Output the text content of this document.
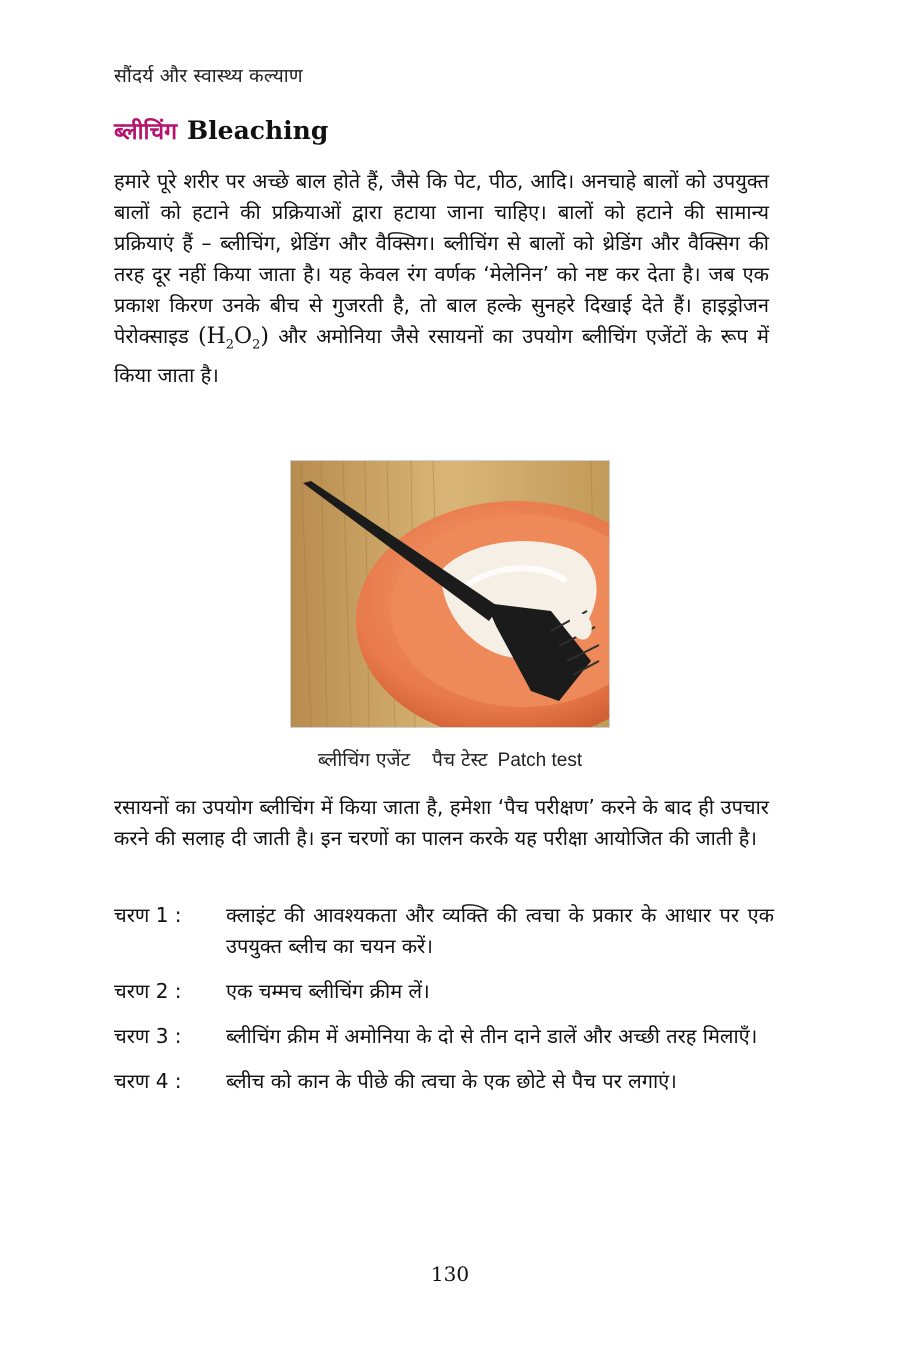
सौंदर्य और स्वास्थ्य कल्याण
ब्लीचिंग Bleaching
हमारे पूरे शरीर पर अच्छे बाल होते हैं, जैसे कि पेट, पीठ, आदि। अनचाहे बालों को उपयुक्त बालों को हटाने की प्रक्रियाओं द्वारा हटाया जाना चाहिए। बालों को हटाने की सामान्य प्रक्रियाएं हैं – ब्लीचिंग, थ्रेडिंग और वैक्सिग। ब्लीचिंग से बालों को थ्रेडिंग और वैक्सिग की तरह दूर नहीं किया जाता है। यह केवल रंग वर्णक ‘मेलेनिन’ को नष्ट कर देता है। जब एक प्रकाश किरण उनके बीच से गुजरती है, तो बाल हल्के सुनहरे दिखाई देते हैं। हाइड्रोजन पेरोक्साइड $(H_2O_2)$ और अमोनिया जैसे रसायनों का उपयोग ब्लीचिंग एजेंटों के रूप में किया जाता है।
ब्लीचिंग एजेंट पैच टेस्ट Patch test
रसायनों का उपयोग ब्लीचिंग में किया जाता है, हमेशा ‘पैच परीक्षण’ करने के बाद ही उपचार करने की सलाह दी जाती है। इन चरणों का पालन करके यह परीक्षा आयोजित की जाती है।
चरण 1 :	क्लाइंट की आवश्यकता और व्यक्ति की त्वचा के प्रकार के आधार पर एक उपयुक्त ब्लीच का चयन करें।
चरण 2 :	एक चम्मच ब्लीचिंग क्रीम लें।
चरण 3 :	ब्लीचिंग क्रीम में अमोनिया के दो से तीन दाने डालें और अच्छी तरह मिलाएँ।
चरण 4 :	ब्लीच को कान के पीछे की त्वचा के एक छोटे से पैच पर लगाएं।
130
